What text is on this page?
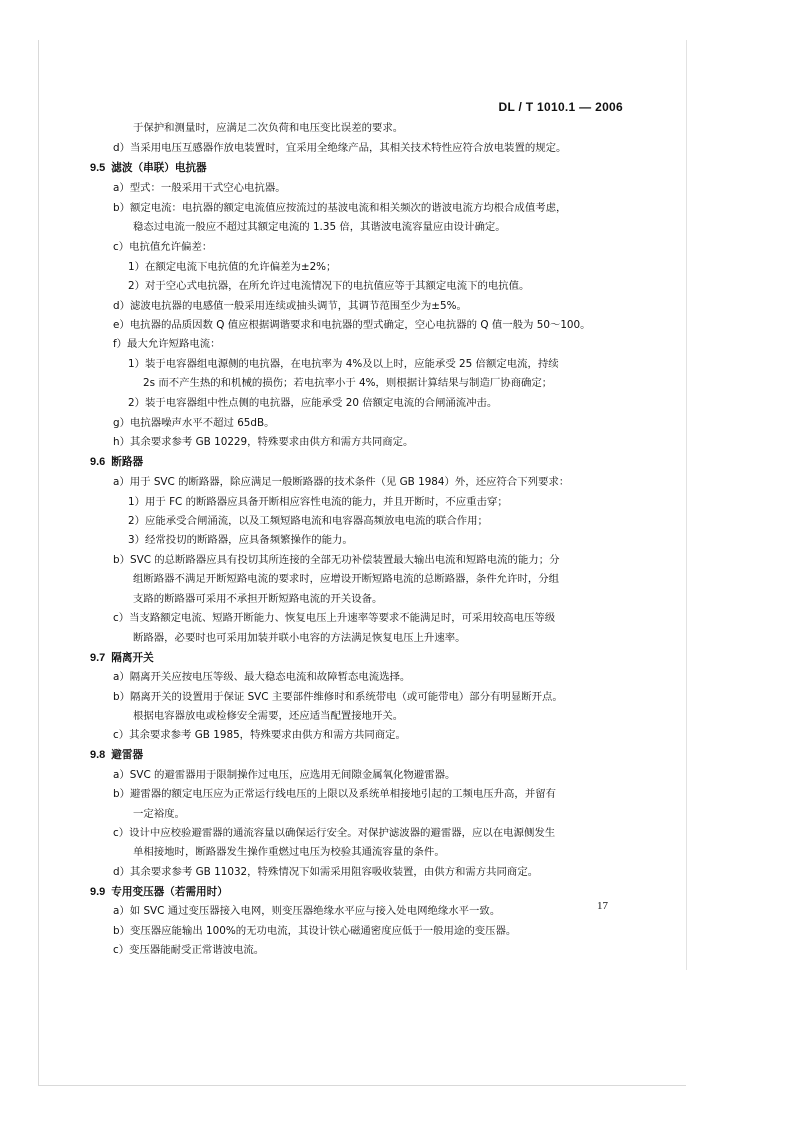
DL / T 1010.1 — 2006
于保护和测量时，应满足二次负荷和电压变比误差的要求。
d）当采用电压互感器作放电装置时，宜采用全绝缘产品，其相关技术特性应符合放电装置的规定。
9.5 滤波（串联）电抗器
a）型式：一般采用干式空心电抗器。
b）额定电流：电抗器的额定电流值应按流过的基波电流和相关频次的谐波电流方均根合成值考虑，
稳态过电流一般应不超过其额定电流的 1.35 倍，其谐波电流容量应由设计确定。
c）电抗值允许偏差：
1）在额定电流下电抗值的允许偏差为±2%；
2）对于空心式电抗器，在所允许过电流情况下的电抗值应等于其额定电流下的电抗值。
d）滤波电抗器的电感值一般采用连续或抽头调节，其调节范围至少为±5%。
e）电抗器的品质因数 Q 值应根据调谐要求和电抗器的型式确定，空心电抗器的 Q 值一般为 50～100。
f）最大允许短路电流：
1）装于电容器组电源侧的电抗器，在电抗率为 4%及以上时，应能承受 25 倍额定电流，持续
2s 而不产生热的和机械的损伤；若电抗率小于 4%，则根据计算结果与制造厂协商确定；
2）装于电容器组中性点侧的电抗器，应能承受 20 倍额定电流的合闸涌流冲击。
g）电抗器噪声水平不超过 65dB。
h）其余要求参考 GB 10229，特殊要求由供方和需方共同商定。
9.6 断路器
a）用于 SVC 的断路器，除应满足一般断路器的技术条件（见 GB 1984）外，还应符合下列要求：
1）用于 FC 的断路器应具备开断相应容性电流的能力，并且开断时，不应重击穿；
2）应能承受合闸涌流，以及工频短路电流和电容器高频放电电流的联合作用；
3）经常投切的断路器，应具备频繁操作的能力。
b）SVC 的总断路器应具有投切其所连接的全部无功补偿装置最大输出电流和短路电流的能力；分
组断路器不满足开断短路电流的要求时，应增设开断短路电流的总断路器，条件允许时，分组
支路的断路器可采用不承担开断短路电流的开关设备。
c）当支路额定电流、短路开断能力、恢复电压上升速率等要求不能满足时，可采用较高电压等级
断路器，必要时也可采用加装并联小电容的方法满足恢复电压上升速率。
9.7 隔离开关
a）隔离开关应按电压等级、最大稳态电流和故障暂态电流选择。
b）隔离开关的设置用于保证 SVC 主要部件维修时和系统带电（或可能带电）部分有明显断开点。
根据电容器放电或检修安全需要，还应适当配置接地开关。
c）其余要求参考 GB 1985，特殊要求由供方和需方共同商定。
9.8 避雷器
a）SVC 的避雷器用于限制操作过电压，应选用无间隙金属氧化物避雷器。
b）避雷器的额定电压应为正常运行线电压的上限以及系统单相接地引起的工频电压升高，并留有
一定裕度。
c）设计中应校验避雷器的通流容量以确保运行安全。对保护滤波器的避雷器，应以在电源侧发生
单相接地时，断路器发生操作重燃过电压为校验其通流容量的条件。
d）其余要求参考 GB 11032，特殊情况下如需采用阻容吸收装置，由供方和需方共同商定。
9.9 专用变压器（若需用时）
a）如 SVC 通过变压器接入电网，则变压器绝缘水平应与接入处电网绝缘水平一致。
b）变压器应能输出 100%的无功电流，其设计铁心磁通密度应低于一般用途的变压器。
c）变压器能耐受正常谐波电流。
17
